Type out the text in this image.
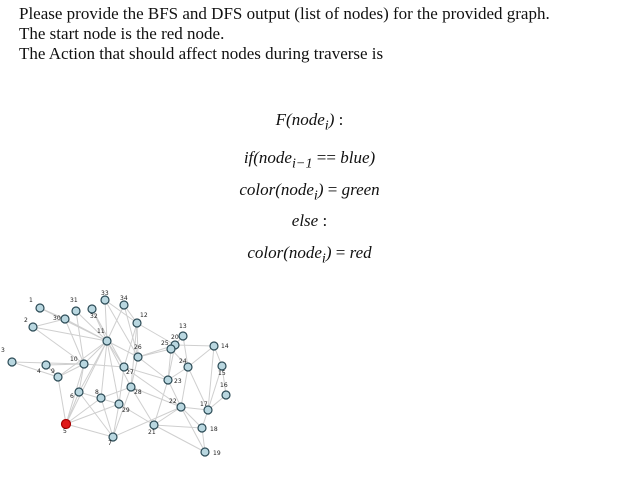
Please provide the BFS and DFS output (list of nodes) for the provided graph.

The start node is the red node.

The Action that should affect nodes during traverse is

F(node$_i$) :
if(node$_{i-1}$ == blue)
color(node$_i$) = green
else :
color(node$_i$) = red
1
2
3
4
5
6
7
8
9
10
11
12
13
14
15
16
17
18
19
20
21
22
23
24
25
26
27
28
29
30
31
32
33
34
